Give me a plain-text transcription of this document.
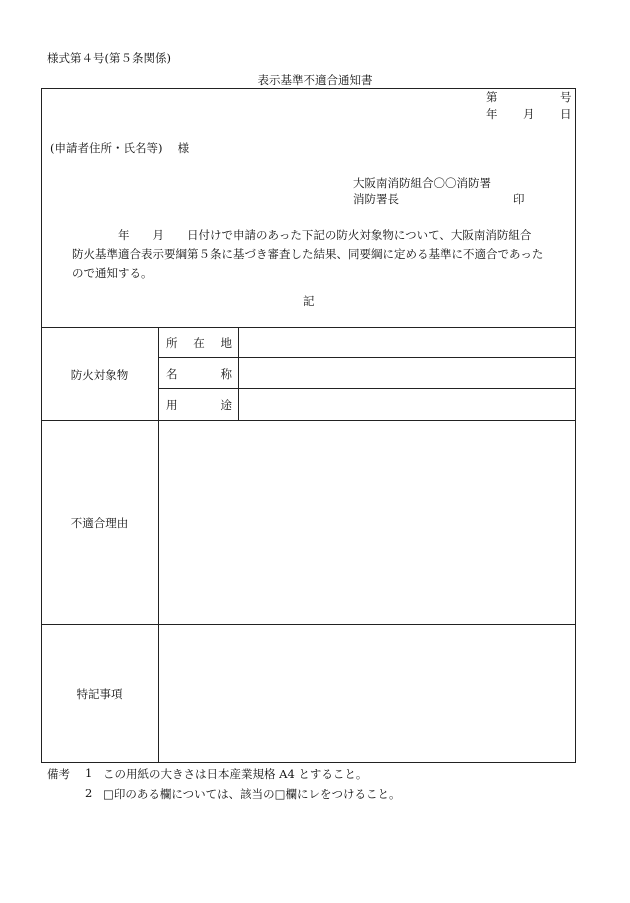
様式第４号(第５条関係)
表示基準不適合通知書
第	号
年 月 日
(申請者住所・氏名等)　 様
大阪南消防組合〇〇消防署
消防署長	印
年　　月　　日付けで申請のあった下記の防火対象物について、大阪南消防組合
防火基準適合表示要綱第５条に基づき審査した結果、同要綱に定める基準に不適合であった
ので通知する。
記
防火対象物
所 在 地
名	称
用	途
不適合理由
特記事項
備考 1 この用紙の大きさは日本産業規格 A4 とすること。
2 □印のある欄については、該当の□欄にレをつけること。
